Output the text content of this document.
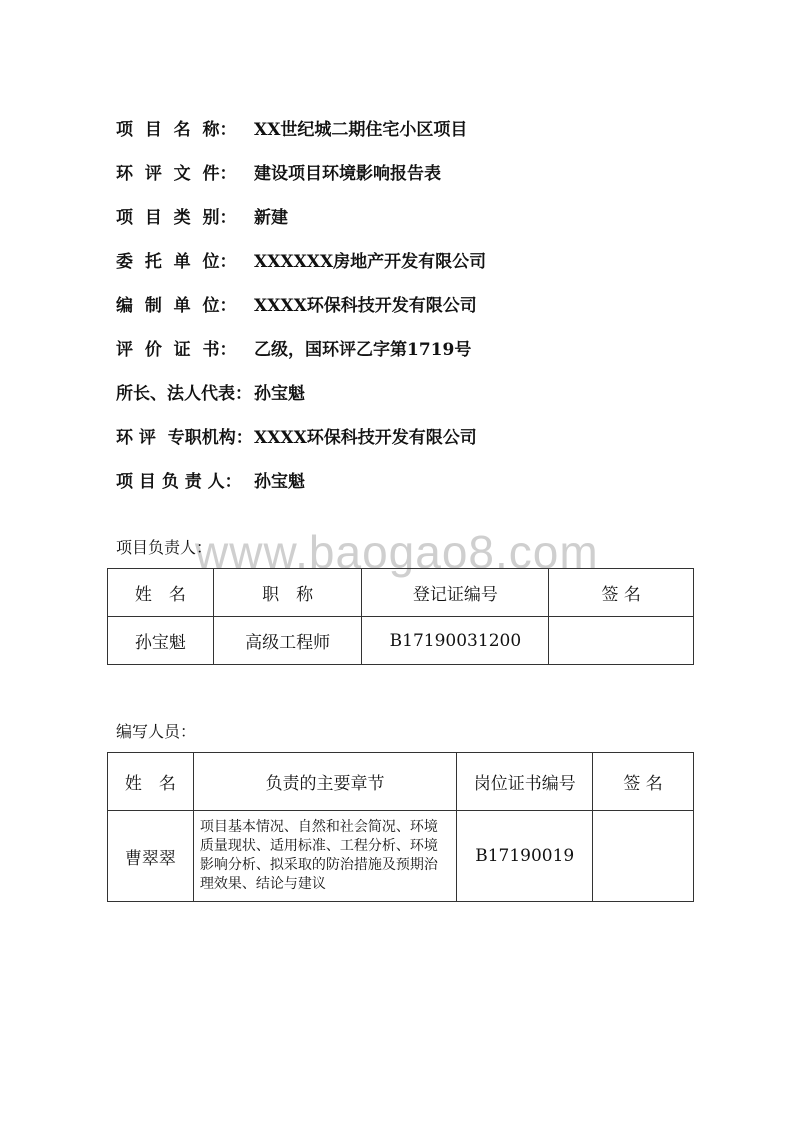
项  目  名  称： XX世纪城二期住宅小区项目
环  评  文  件： 建设项目环境影响报告表
项  目  类  别： 新建
委  托  单  位： XXXXXX房地产开发有限公司
编  制  单  位： XXXX环保科技开发有限公司
评  价  证  书： 乙级，国环评乙字第1719号
所长、法人代表： 孙宝魁
环 评  专职机构：XXXX环保科技开发有限公司
项 目 负 责 人： 孙宝魁
www.baogao8.com
项目负责人：
姓　名	职　称	登记证编号	签 名
孙宝魁	高级工程师	B17190031200	
编写人员：
姓　名	负责的主要章节	岗位证书编号	签 名
曹翠翠	项目基本情况、自然和社会简况、环境质量现状、适用标准、工程分析、环境影响分析、拟采取的防治措施及预期治理效果、结论与建议	B17190019	
